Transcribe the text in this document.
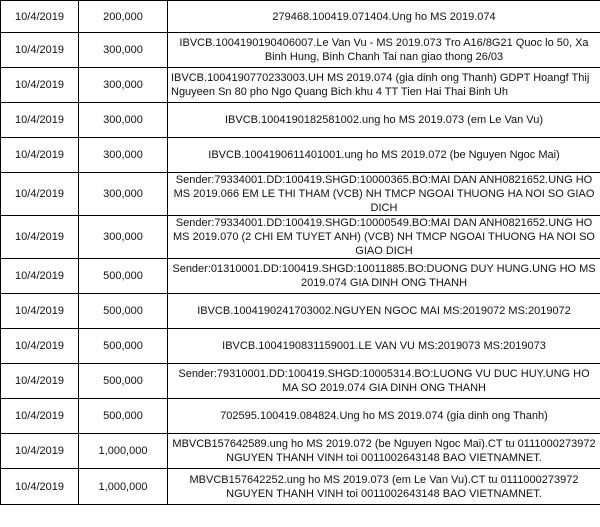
10/4/2019	200,000	279468.100419.071404.Ung ho MS 2019.074
10/4/2019	300,000	IBVCB.1004190190406007.Le Van Vu - MS 2019.073 Tro A16/8G21 Quoc lo 50, Xa Binh Hung, Binh Chanh Tai nan giao thong 26/03
10/4/2019	300,000	IBVCB.1004190770233003.UH MS 2019.074 (gia dinh ong Thanh) GDPT Hoangf Thij Nguyeen Sn 80 pho Ngo Quang Bich khu 4 TT Tien Hai Thai Binh Uh
10/4/2019	300,000	IBVCB.1004190182581002.ung ho MS 2019.073 (em Le Van Vu)
10/4/2019	300,000	IBVCB.1004190611401001.ung ho MS 2019.072 (be Nguyen Ngoc Mai)
10/4/2019	300,000	Sender:79334001.DD:100419.SHGD:10000365.BO:MAI DAN ANH0821652.UNG HO MS 2019.066 EM LE THI THAM (VCB) NH TMCP NGOAI THUONG HA NOI SO GIAO DICH
10/4/2019	300,000	Sender:79334001.DD:100419.SHGD:10000549.BO:MAI DAN ANH0821652.UNG HO MS 2019.070 (2 CHI EM TUYET ANH) (VCB) NH TMCP NGOAI THUONG HA NOI SO GIAO DICH
10/4/2019	500,000	Sender:01310001.DD:100419.SHGD:10011885.BO:DUONG DUY HUNG.UNG HO MS 2019.074 GIA DINH ONG THANH
10/4/2019	500,000	IBVCB.1004190241703002.NGUYEN NGOC MAI MS:2019072 MS:2019072
10/4/2019	500,000	IBVCB.1004190831159001.LE VAN VU MS:2019073 MS:2019073
10/4/2019	500,000	Sender:79310001.DD:100419.SHGD:10005314.BO:LUONG VU DUC HUY.UNG HO MA SO 2019.074 GIA DINH ONG THANH
10/4/2019	500,000	702595.100419.084824.Ung ho MS 2019.074 (gia dinh ong Thanh)
10/4/2019	1,000,000	MBVCB157642589.ung ho MS 2019.072 (be Nguyen Ngoc Mai).CT tu 0111000273972 NGUYEN THANH VINH toi 0011002643148 BAO VIETNAMNET.
10/4/2019	1,000,000	MBVCB157642252.ung ho MS 2019.073 (em Le Van Vu).CT tu 0111000273972 NGUYEN THANH VINH toi 0011002643148 BAO VIETNAMNET.
